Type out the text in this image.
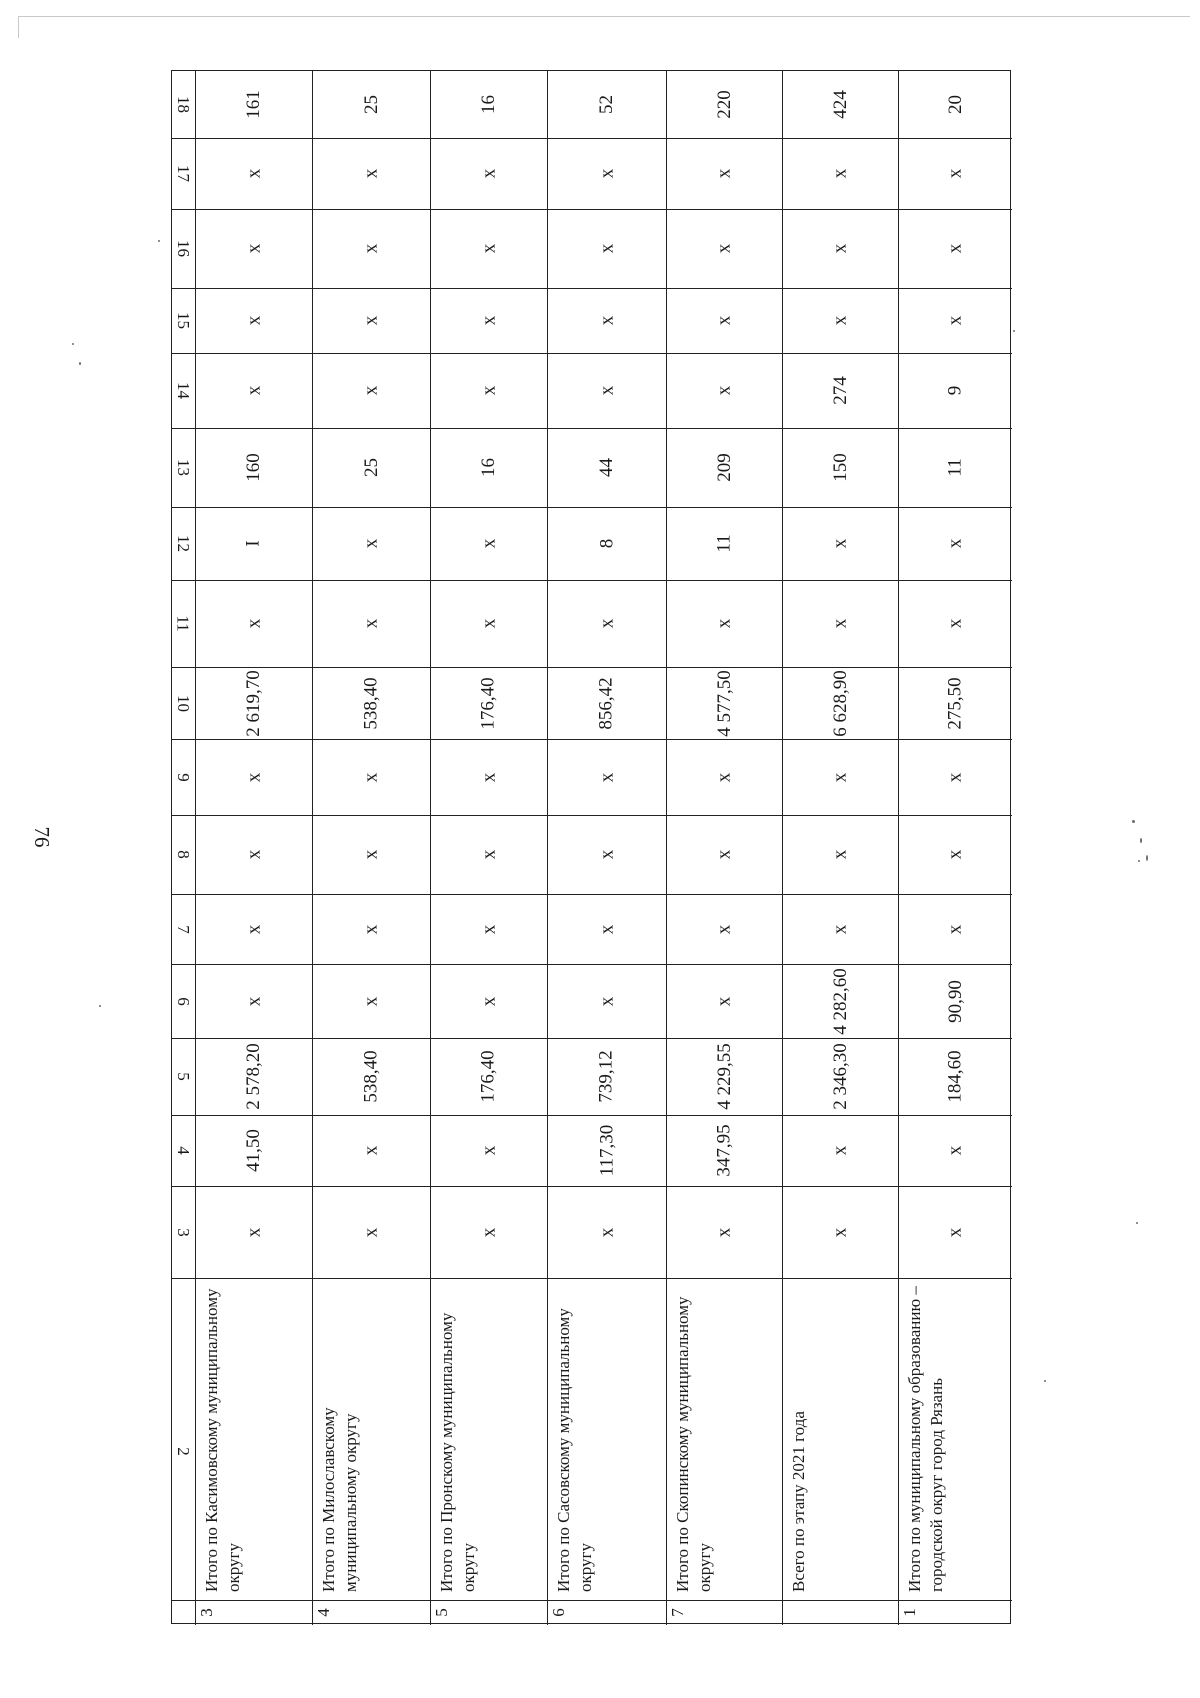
76
18
17
16
15
14
13
12
11
10
9
8
7
6
5
4
3
2
161
x
x
x
x
160
I
x
2 619,70
x
x
x
x
2 578,20
41,50
x
Итого по Касимовскому муниципальному округу
3
25
x
x
x
x
25
x
x
538,40
x
x
x
x
538,40
x
x
Итого по Милославскому муниципальному округу
4
16
x
x
x
x
16
x
x
176,40
x
x
x
x
176,40
x
x
Итого по Пронскому муниципальному округу
5
52
x
x
x
x
44
8
x
856,42
x
x
x
x
739,12
117,30
x
Итого по Сасовскому муниципальному округу
6
220
x
x
x
x
209
11
x
4 577,50
x
x
x
x
4 229,55
347,95
x
Итого по Скопинскому муниципальному округу
7
424
x
x
x
274
150
x
x
6 628,90
x
x
x
4 282,60
2 346,30
x
x
Всего по этапу 2021 года
20
x
x
x
9
11
x
x
275,50
x
x
x
90,90
184,60
x
x
Итого по муниципальному образованию – городской округ город Рязань
1
